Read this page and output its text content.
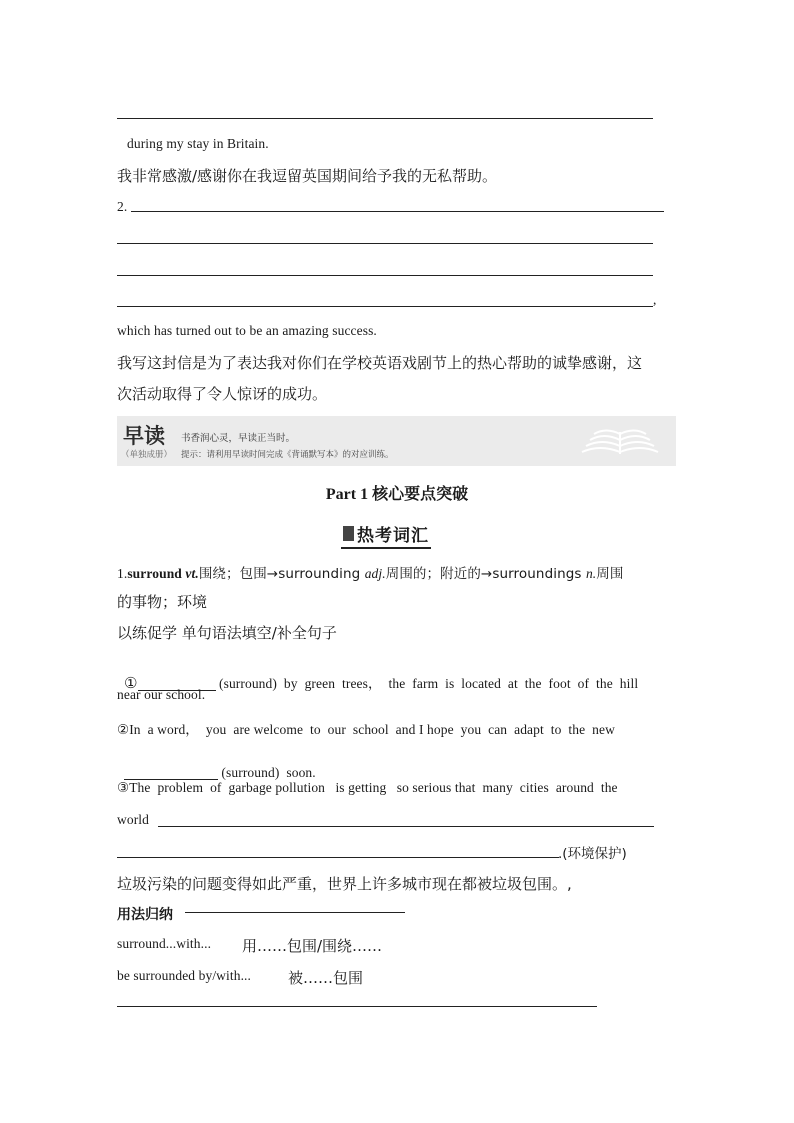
during my stay in Britain.
我非常感激/感谢你在我逗留英国期间给予我的无私帮助。
2.
,
which has turned out to be an amazing success.
我写这封信是为了表达我对你们在学校英语戏剧节上的热心帮助的诚挚感谢，这
次活动取得了令人惊讶的成功。
早读
（单独成册）
书香润心灵，早读正当时。
提示：请利用早读时间完成《背诵默写本》的对应训练。
Part 1 核心要点突破
热考词汇
1.surround vt.围绕；包围→surrounding adj.周围的；附近的→surroundings n.周围
的事物；环境
以练促学 单句语法填空/补全句子

①	(surround)  by  green  trees，  the  farm  is  located  at  the  foot  of  the  hill

near our school.
②In  a word，  you  are welcome  to  our  school  and I hope  you  can  adapt  to  the  new

(surround)  soon.

③The  problem  of  garbage pollution   is getting   so serious that  many  cities  around  the
world
.(环境保护)
垃圾污染的问题变得如此严重，世界上许多城市现在都被垃圾包围。,
用法归纳
surround...with... 用……包围/围绕……
be surrounded by/with... 被……包围
